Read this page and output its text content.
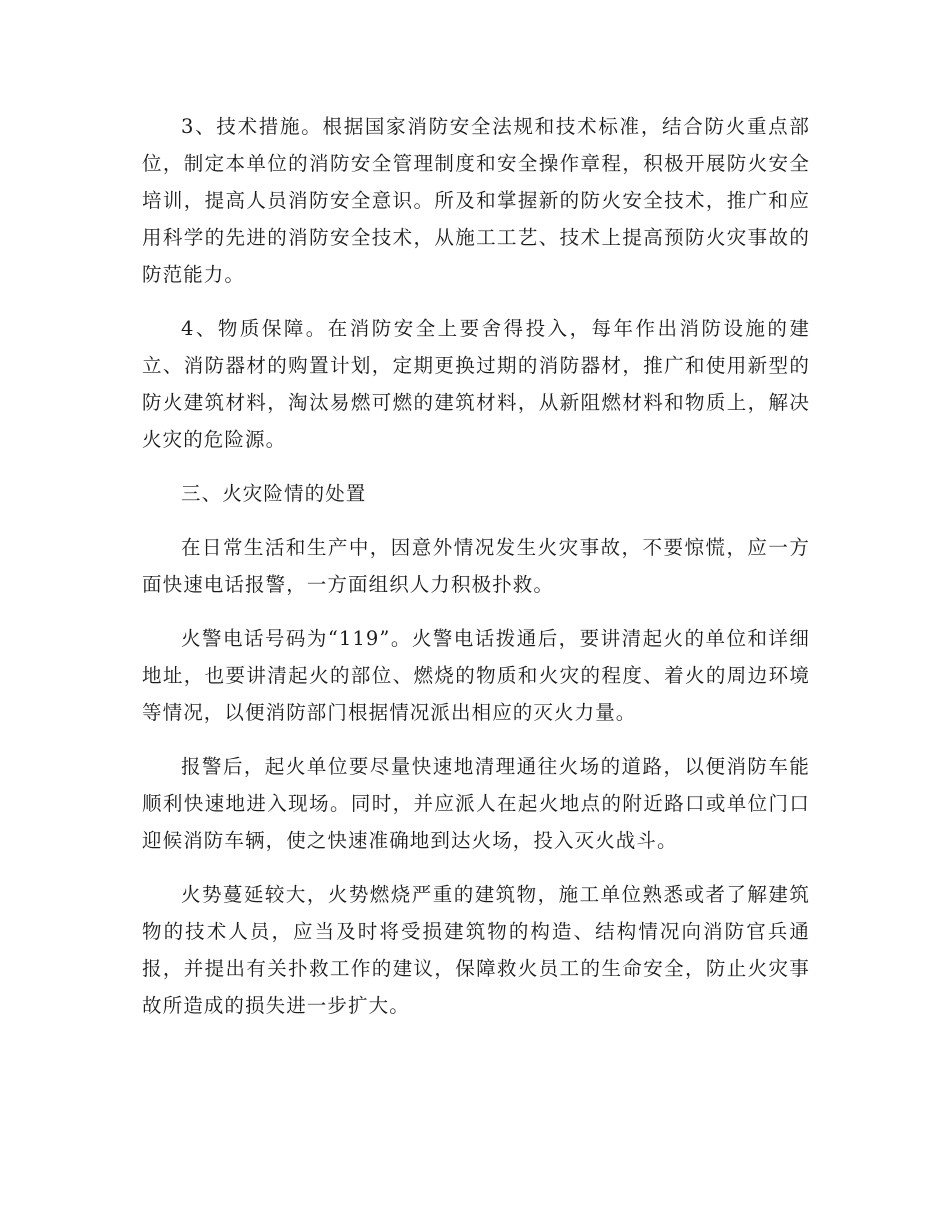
3、技术措施。根据国家消防安全法规和技术标准，结合防火重点部位，制定本单位的消防安全管理制度和安全操作章程，积极开展防火安全培训，提高人员消防安全意识。所及和掌握新的防火安全技术，推广和应用科学的先进的消防安全技术，从施工工艺、技术上提高预防火灾事故的防范能力。

4、物质保障。在消防安全上要舍得投入，每年作出消防设施的建立、消防器材的购置计划，定期更换过期的消防器材，推广和使用新型的防火建筑材料，淘汰易燃可燃的建筑材料，从新阻燃材料和物质上，解决火灾的危险源。

三、火灾险情的处置

在日常生活和生产中，因意外情况发生火灾事故，不要惊慌，应一方面快速电话报警，一方面组织人力积极扑救。

火警电话号码为“119”。火警电话拨通后，要讲清起火的单位和详细地址，也要讲清起火的部位、燃烧的物质和火灾的程度、着火的周边环境等情况，以便消防部门根据情况派出相应的灭火力量。

报警后，起火单位要尽量快速地清理通往火场的道路，以便消防车能顺利快速地进入现场。同时，并应派人在起火地点的附近路口或单位门口迎候消防车辆，使之快速准确地到达火场，投入灭火战斗。

火势蔓延较大，火势燃烧严重的建筑物，施工单位熟悉或者了解建筑物的技术人员，应当及时将受损建筑物的构造、结构情况向消防官兵通报，并提出有关扑救工作的建议，保障救火员工的生命安全，防止火灾事故所造成的损失进一步扩大。
